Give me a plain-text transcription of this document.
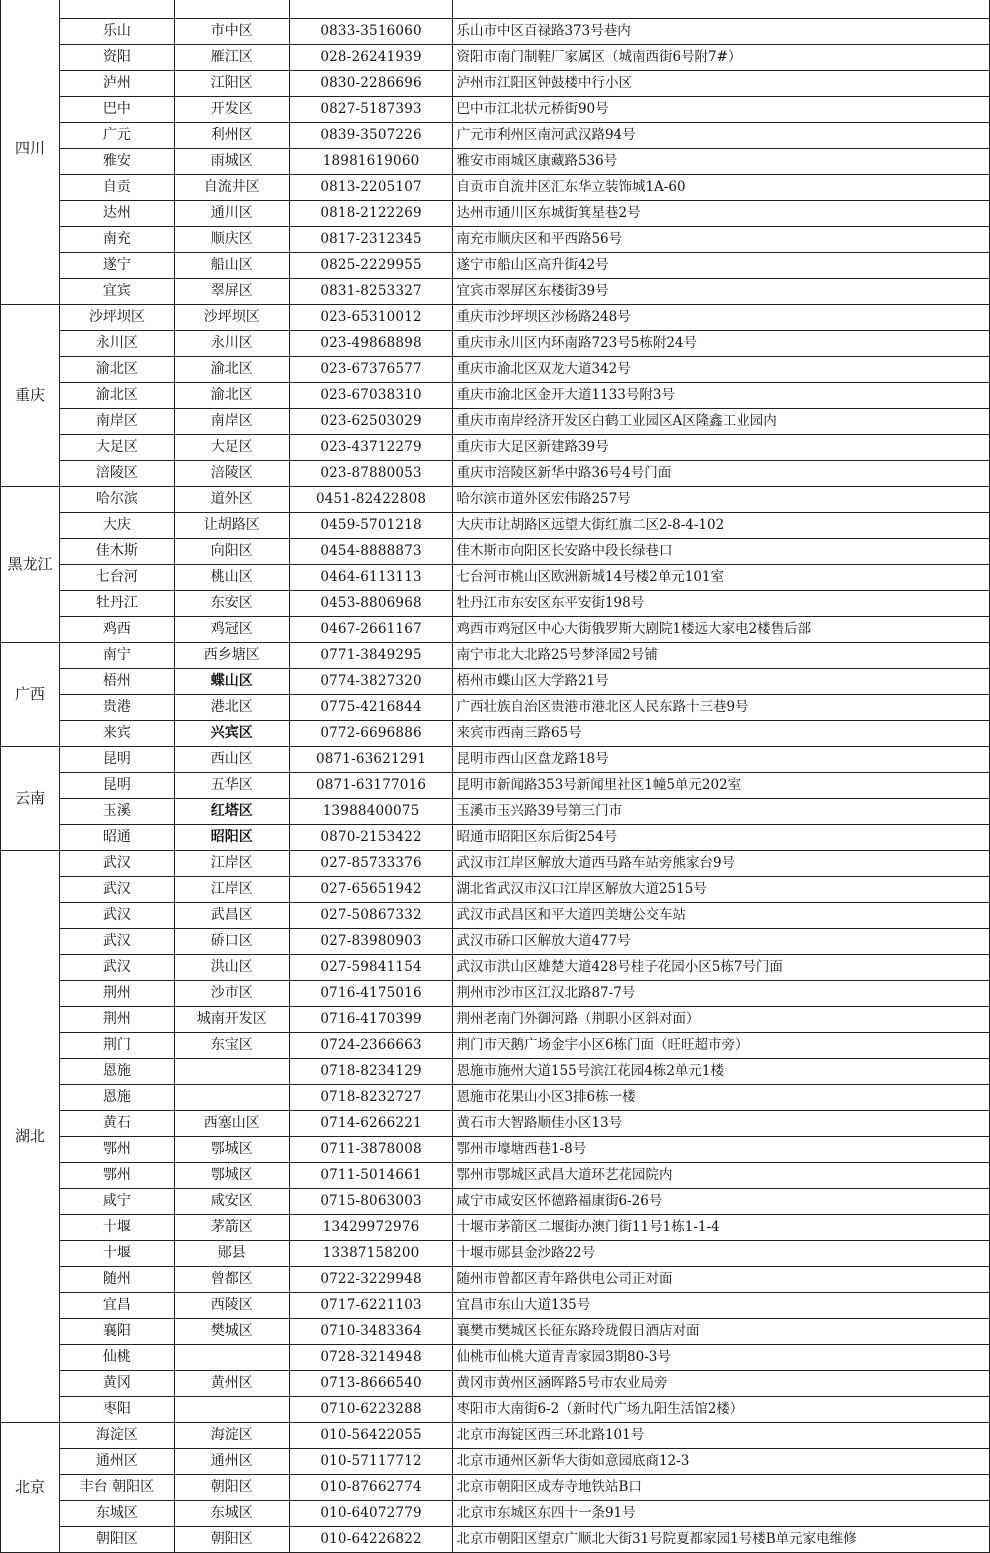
四川				
	乐山	市中区	0833-3516060	乐山市中区百禄路373号巷内
	资阳	雁江区	028-26241939	资阳市南门制鞋厂家属区（城南西街6号附7#）
	泸州	江阳区	0830-2286696	泸州市江阳区钟鼓楼中行小区
	巴中	开发区	0827-5187393	巴中市江北状元桥街90号
	广元	利州区	0839-3507226	广元市利州区南河武汉路94号
	雅安	雨城区	18981619060	雅安市雨城区康藏路536号
	自贡	自流井区	0813-2205107	自贡市自流井区汇东华立装饰城1A-60
	达州	通川区	0818-2122269	达州市通川区东城街箕星巷2号
	南充	顺庆区	0817-2312345	南充市顺庆区和平西路56号
	遂宁	船山区	0825-2229955	遂宁市船山区高升街42号
	宜宾	翠屏区	0831-8253327	宜宾市翠屏区东楼街39号
重庆	沙坪坝区	沙坪坝区	023-65310012	重庆市沙坪坝区沙杨路248号
	永川区	永川区	023-49868898	重庆市永川区内环南路723号5栋附24号
	渝北区	渝北区	023-67376577	重庆市渝北区双龙大道342号
	渝北区	渝北区	023-67038310	重庆市渝北区金开大道1133号附3号
	南岸区	南岸区	023-62503029	重庆市南岸经济开发区白鹤工业园区A区隆鑫工业园内
	大足区	大足区	023-43712279	重庆市大足区新建路39号
	涪陵区	涪陵区	023-87880053	重庆市涪陵区新华中路36号4号门面
黑龙江	哈尔滨	道外区	0451-82422808	哈尔滨市道外区宏伟路257号
	大庆	让胡路区	0459-5701218	大庆市让胡路区远望大街红旗二区2-8-4-102
	佳木斯	向阳区	0454-8888873	佳木斯市向阳区长安路中段长绿巷口
	七台河	桃山区	0464-6113113	七台河市桃山区欧洲新城14号楼2单元101室
	牡丹江	东安区	0453-8806968	牡丹江市东安区东平安街198号
	鸡西	鸡冠区	0467-2661167	鸡西市鸡冠区中心大街俄罗斯大剧院1楼远大家电2楼售后部
广西	南宁	西乡塘区	0771-3849295	南宁市北大北路25号梦泽园2号铺
	梧州	蝶山区	0774-3827320	梧州市蝶山区大学路21号
	贵港	港北区	0775-4216844	广西壮族自治区贵港市港北区人民东路十三巷9号
	来宾	兴宾区	0772-6696886	来宾市西南三路65号
云南	昆明	西山区	0871-63621291	昆明市西山区盘龙路18号
	昆明	五华区	0871-63177016	昆明市新闻路353号新闻里社区1幢5单元202室
	玉溪	红塔区	13988400075	玉溪市玉兴路39号第三门市
	昭通	昭阳区	0870-2153422	昭通市昭阳区东后街254号
湖北	武汉	江岸区	027-85733376	武汉市江岸区解放大道西马路车站旁熊家台9号
	武汉	江岸区	027-65651942	湖北省武汉市汉口江岸区解放大道2515号
	武汉	武昌区	027-50867332	武汉市武昌区和平大道四美塘公交车站
	武汉	硚口区	027-83980903	武汉市硚口区解放大道477号
	武汉	洪山区	027-59841154	武汉市洪山区雄楚大道428号桂子花园小区5栋7号门面
	荆州	沙市区	0716-4175016	荆州市沙市区江汉北路87-7号
	荆州	城南开发区	0716-4170399	荆州老南门外御河路（荆职小区斜对面）
	荆门	东宝区	0724-2366663	荆门市天鹅广场金宇小区6栋门面（旺旺超市旁）
	恩施		0718-8234129	恩施市施州大道155号滨江花园4栋2单元1楼
	恩施		0718-8232727	恩施市花果山小区3排6栋一楼
	黄石	西塞山区	0714-6266221	黄石市大智路顺佳小区13号
	鄂州	鄂城区	0711-3878008	鄂州市壕塘西巷1-8号
	鄂州	鄂城区	0711-5014661	鄂州市鄂城区武昌大道环艺花园院内
	咸宁	咸安区	0715-8063003	咸宁市咸安区怀德路福康街6-26号
	十堰	茅箭区	13429972976	十堰市茅箭区二堰街办澳门街11号1栋1-1-4
	十堰	郧县	13387158200	十堰市郧县金沙路22号
	随州	曾都区	0722-3229948	随州市曾都区青年路供电公司正对面
	宜昌	西陵区	0717-6221103	宜昌市东山大道135号
	襄阳	樊城区	0710-3483364	襄樊市樊城区长征东路玲珑假日酒店对面
	仙桃		0728-3214948	仙桃市仙桃大道青青家园3期80-3号
	黄冈	黄州区	0713-8666540	黄冈市黄州区涵晖路5号市农业局旁
	枣阳		0710-6223288	枣阳市大南街6-2（新时代广场九阳生活馆2楼）
北京	海淀区	海淀区	010-56422055	北京市海锭区西三环北路101号
	通州区	通州区	010-57117712	北京市通州区新华大街如意园底商12-3
	丰台 朝阳区	朝阳区	010-87662774	北京市朝阳区成寿寺地铁站B口
	东城区	东城区	010-64072779	北京市东城区东四十一条91号
	朝阳区	朝阳区	010-64226822	北京市朝阳区望京广顺北大街31号院夏都家园1号楼B单元家电维修
